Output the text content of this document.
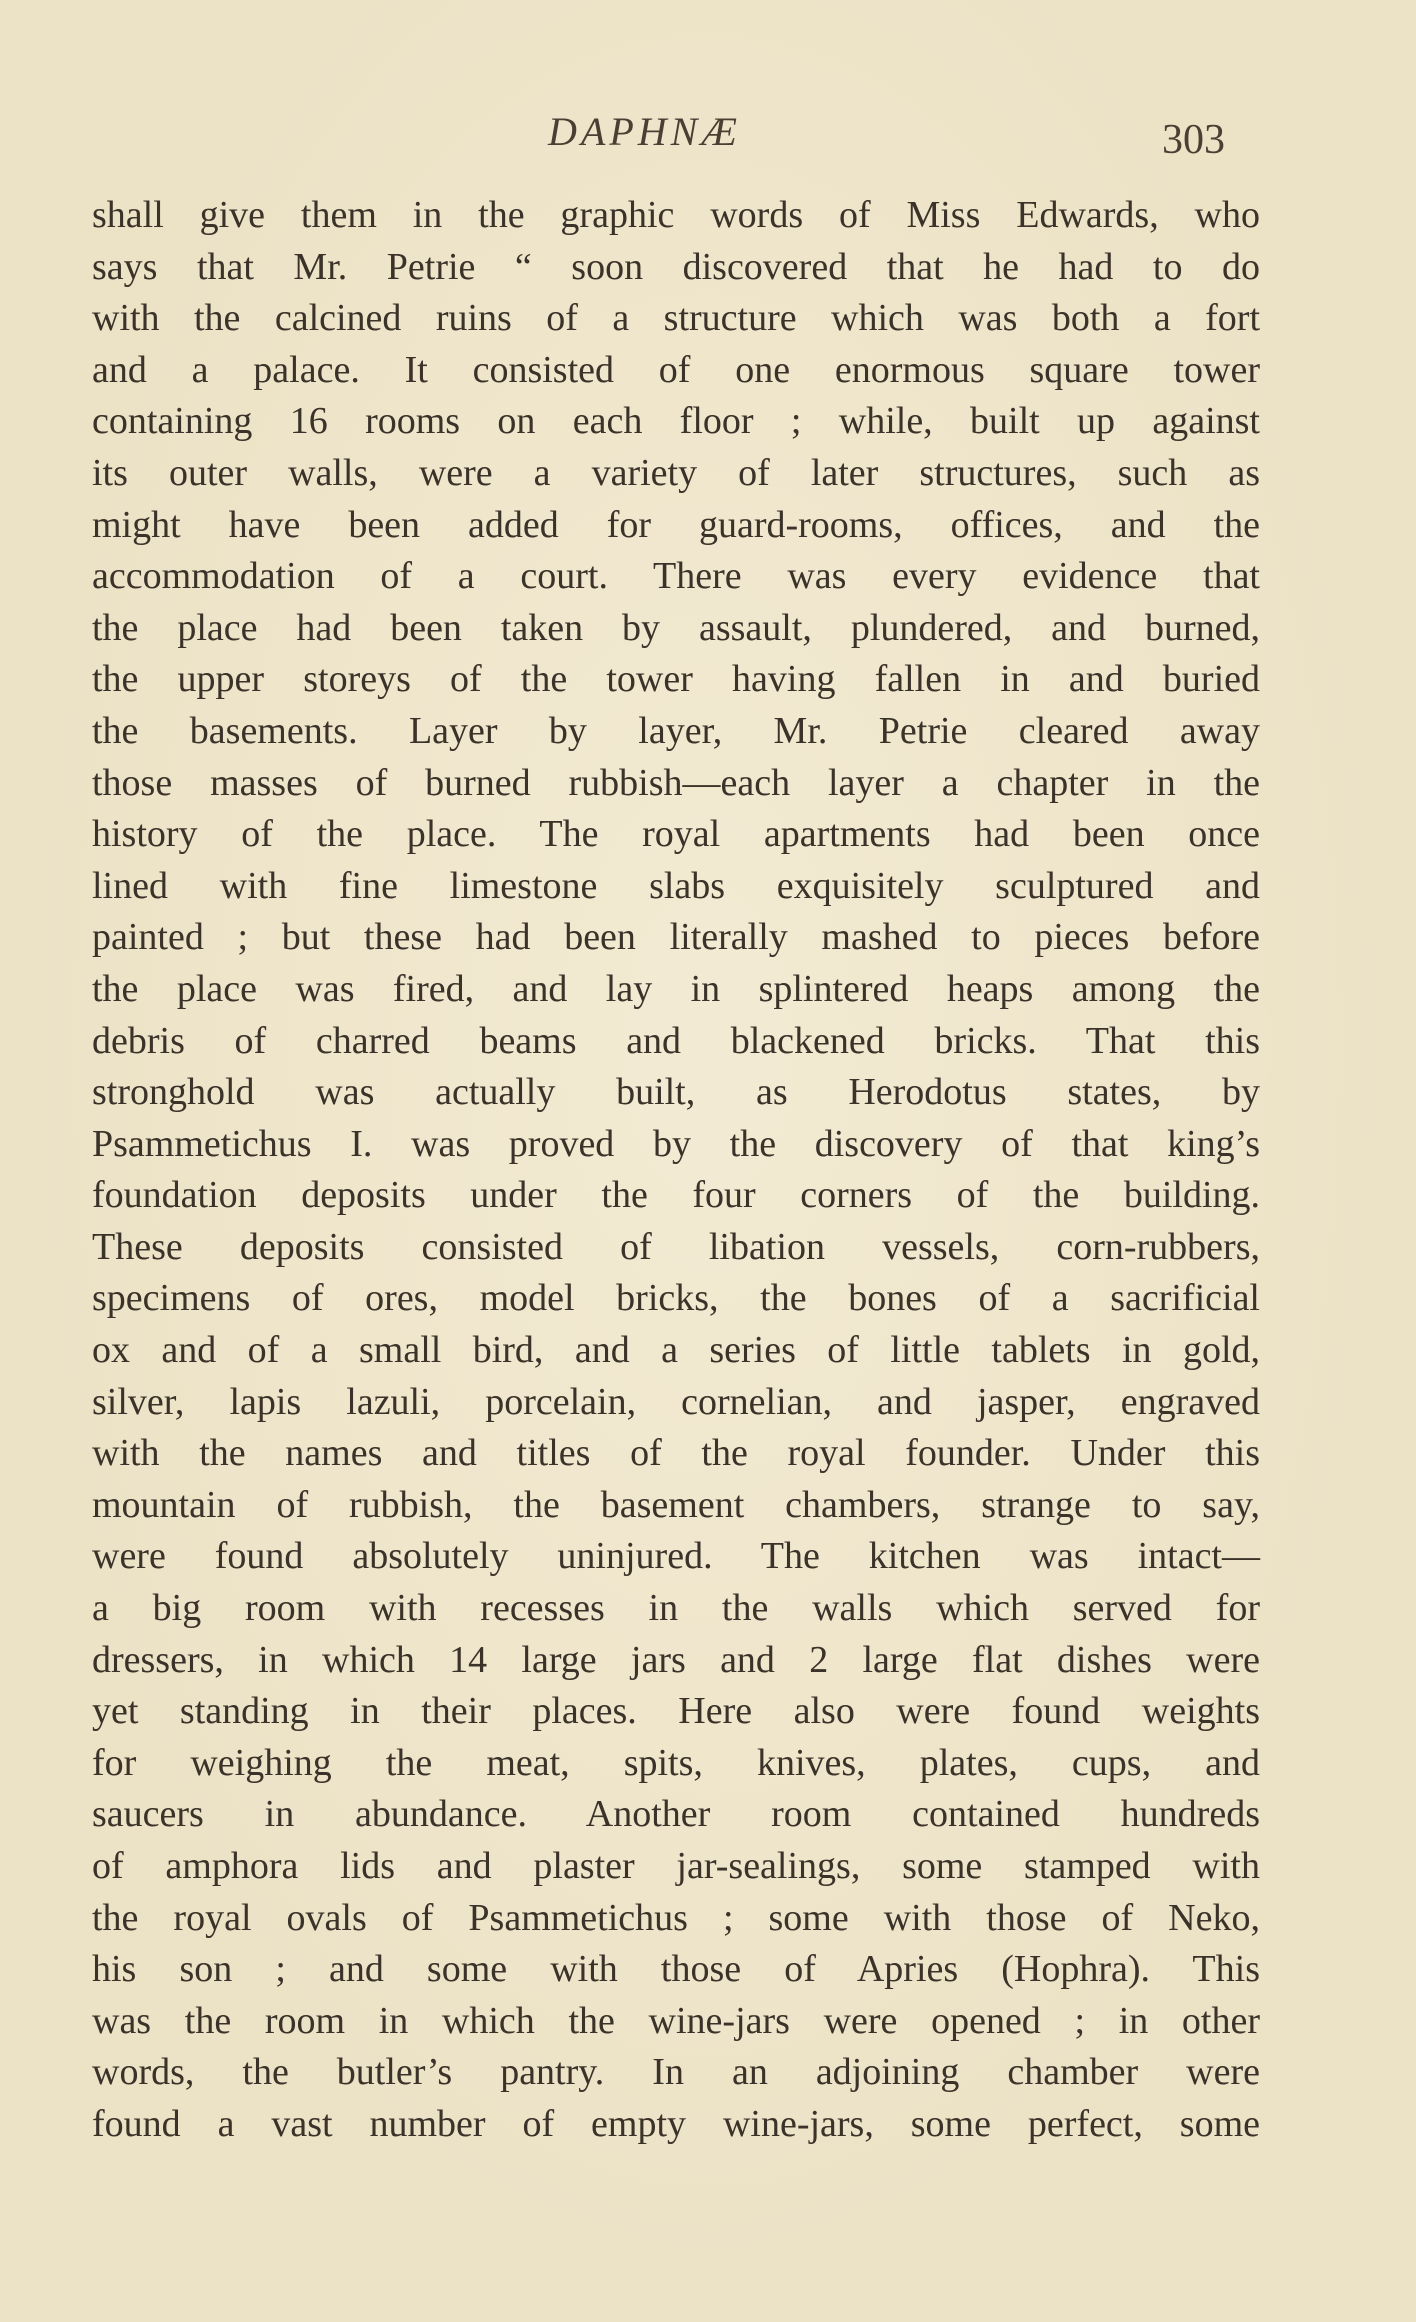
DAPHNÆ	303
shall give them in the graphic words of Miss Edwards, who
says that Mr. Petrie “ soon discovered that he had to do
with the calcined ruins of a structure which was both a fort
and a palace. It consisted of one enormous square tower
containing 16 rooms on each floor ; while, built up against
its outer walls, were a variety of later structures, such as
might have been added for guard-rooms, offices, and the
accommodation of a court. There was every evidence that
the place had been taken by assault, plundered, and burned,
the upper storeys of the tower having fallen in and buried
the basements. Layer by layer, Mr. Petrie cleared away
those masses of burned rubbish—each layer a chapter in the
history of the place. The royal apartments had been once
lined with fine limestone slabs exquisitely sculptured and
painted ; but these had been literally mashed to pieces before
the place was fired, and lay in splintered heaps among the
debris of charred beams and blackened bricks. That this
stronghold was actually built, as Herodotus states, by
Psammetichus I. was proved by the discovery of that king’s
foundation deposits under the four corners of the building.
These deposits consisted of libation vessels, corn-rubbers,
specimens of ores, model bricks, the bones of a sacrificial
ox and of a small bird, and a series of little tablets in gold,
silver, lapis lazuli, porcelain, cornelian, and jasper, engraved
with the names and titles of the royal founder. Under this
mountain of rubbish, the basement chambers, strange to say,
were found absolutely uninjured. The kitchen was intact—
a big room with recesses in the walls which served for
dressers, in which 14 large jars and 2 large flat dishes were
yet standing in their places. Here also were found weights
for weighing the meat, spits, knives, plates, cups, and
saucers in abundance. Another room contained hundreds
of amphora lids and plaster jar-sealings, some stamped with
the royal ovals of Psammetichus ; some with those of Neko,
his son ; and some with those of Apries (Hophra). This
was the room in which the wine-jars were opened ; in other
words, the butler’s pantry. In an adjoining chamber were
found a vast number of empty wine-jars, some perfect, some
